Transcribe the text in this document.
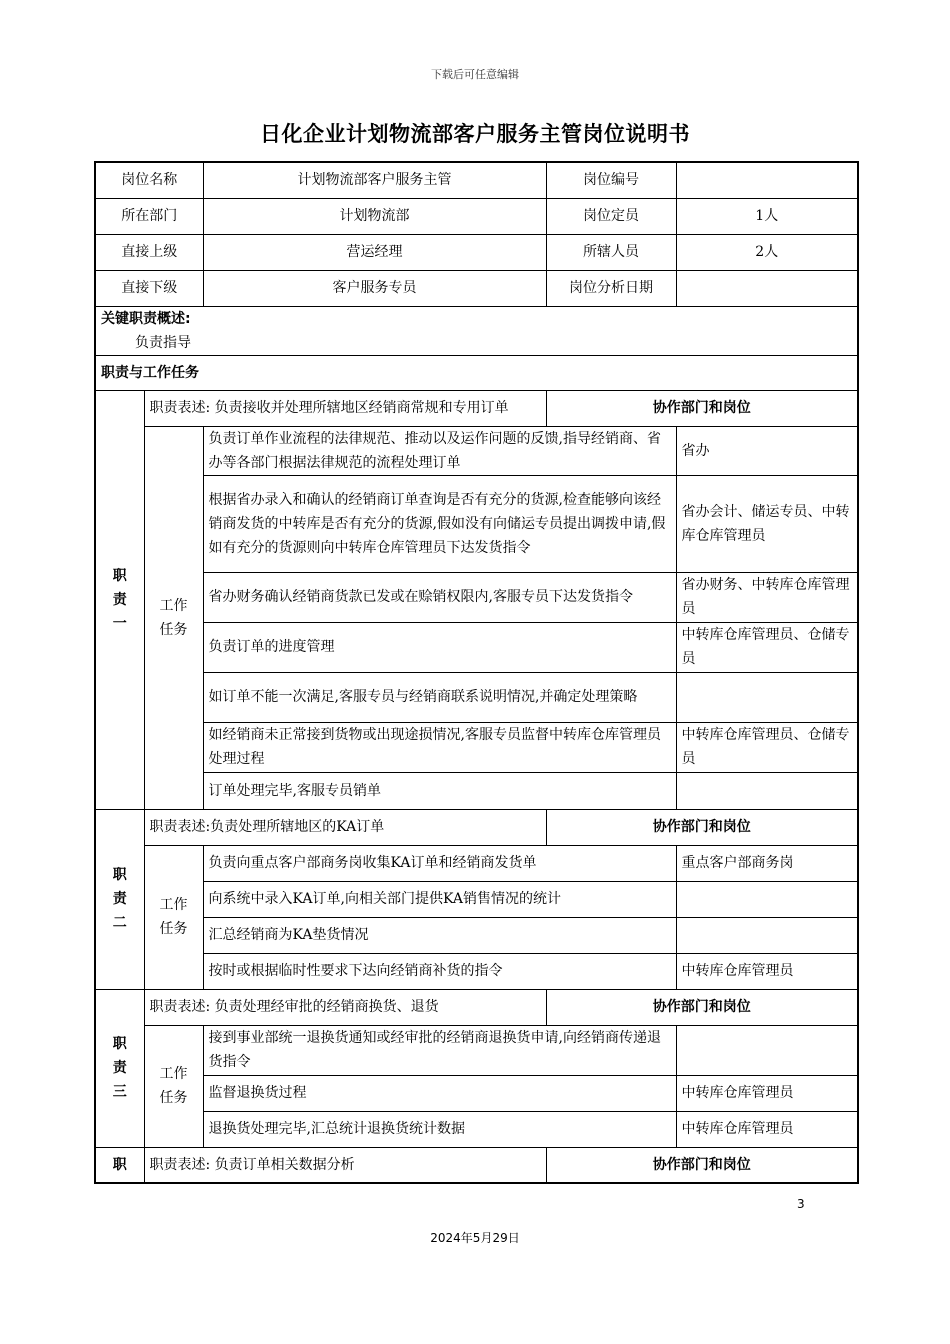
下载后可任意编辑
日化企业计划物流部客户服务主管岗位说明书
岗位名称		计划物流部客户服务主管	岗位编号	
所在部门		计划物流部	岗位定员	1人
直接上级		营运经理	所辖人员	2人
直接下级		客户服务专员	岗位分析日期	

关键职责概述:
负责指导				

职责与工作任务				
职责一	职责表述: 负责接收并处理所辖地区经销商常规和专用订单		协作部门和岗位	
	工作任务	负责订单作业流程的法律规范、推动以及运作问题的反馈,指导经销商、省办等各部门根据法律规范的流程处理订单		省办
		根据省办录入和确认的经销商订单查询是否有充分的货源,检查能够向该经销商发货的中转库是否有充分的货源,假如没有向储运专员提出调拨申请,假如有充分的货源则向中转库仓库管理员下达发货指令		省办会计、储运专员、中转库仓库管理员
		省办财务确认经销商货款已发或在赊销权限内,客服专员下达发货指令		省办财务、中转库仓库管理员
		负责订单的进度管理		中转库仓库管理员、仓储专员
		如订单不能一次满足,客服专员与经销商联系说明情况,并确定处理策略		
		如经销商未正常接到货物或出现途损情况,客服专员监督中转库仓库管理员处理过程		中转库仓库管理员、仓储专员
		订单处理完毕,客服专员销单		
职责二	职责表述:负责处理所辖地区的KA订单		协作部门和岗位	
	工作任务	负责向重点客户部商务岗收集KA订单和经销商发货单		重点客户部商务岗
		向系统中录入KA订单,向相关部门提供KA销售情况的统计		
		汇总经销商为KA垫货情况		
		按时或根据临时性要求下达向经销商补货的指令		中转库仓库管理员
职责三	职责表述: 负责处理经审批的经销商换货、退货		协作部门和岗位	
	工作任务	接到事业部统一退换货通知或经审批的经销商退换货申请,向经销商传递退货指令		
		监督退换货过程		中转库仓库管理员
		退换货处理完毕,汇总统计退换货统计数据		中转库仓库管理员
职	职责表述: 负责订单相关数据分析		协作部门和岗位	
3
2024年5月29日
